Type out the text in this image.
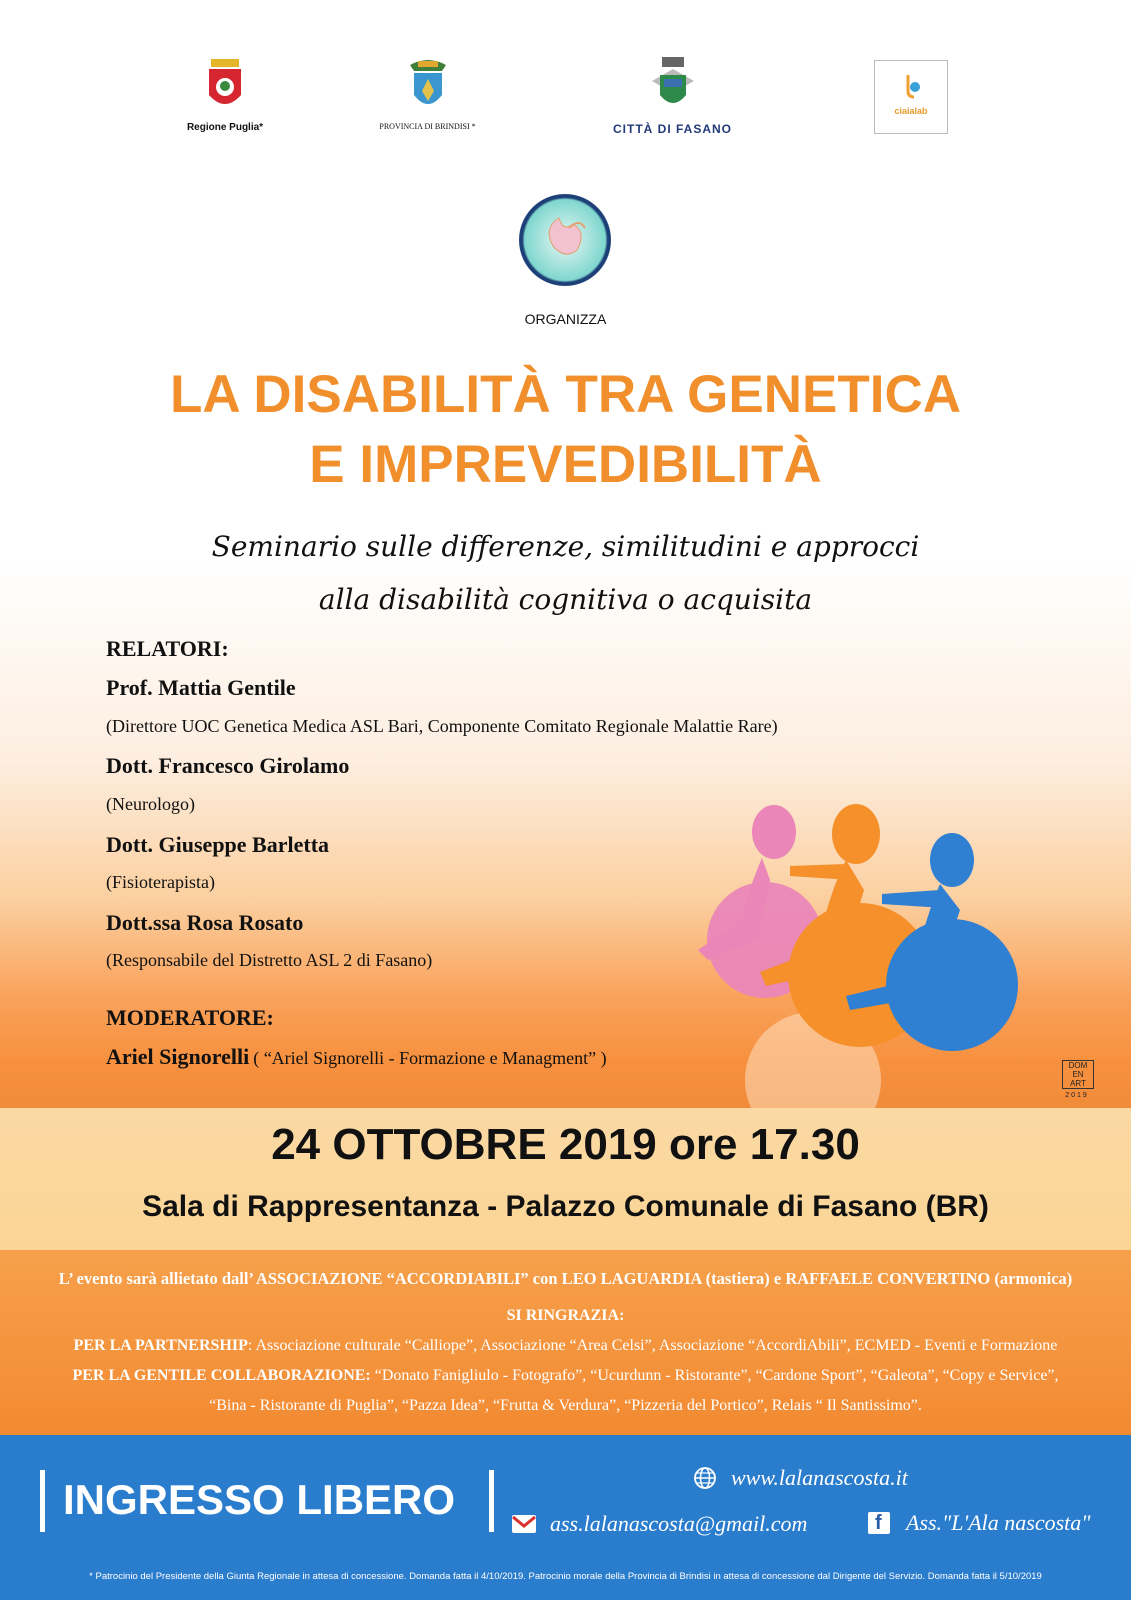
Regione Puglia*	PROVINCIA DI BRINDISI *	CITTÀ DI FASANO
ciaialab
ORGANIZZA
LA DISABILITÀ TRA GENETICA
E IMPREVEDIBILITÀ
Seminario sulle differenze, similitudini e approcci
alla disabilità cognitiva o acquisita
RELATORI:
Prof. Mattia Gentile
(Direttore UOC Genetica Medica ASL Bari, Componente Comitato Regionale Malattie Rare)
Dott. Francesco Girolamo
(Neurologo)
Dott. Giuseppe Barletta
(Fisioterapista)
Dott.ssa Rosa Rosato
(Responsabile del Distretto ASL 2 di Fasano)
MODERATORE:
Ariel Signorelli ( “Ariel Signorelli - Formazione e Managment” )	DOM
EN
ART
2019
24 OTTOBRE 2019 ore 17.30
Sala di Rappresentanza - Palazzo Comunale di Fasano (BR)
L’ evento sarà allietato dall’ ASSOCIAZIONE “ACCORDIABILI” con LEO LAGUARDIA (tastiera) e RAFFAELE CONVERTINO (armonica)
SI RINGRAZIA:
PER LA PARTNERSHIP: Associazione culturale “Calliope”, Associazione “Area Celsi”, Associazione “AccordiAbili”, ECMED - Eventi e Formazione
PER LA GENTILE COLLABORAZIONE: “Donato Fanigliulo - Fotografo”, “Ucurdunn - Ristorante”, “Cardone Sport”, “Galeota”, “Copy e Service”,
“Bina - Ristorante di Puglia”, “Pazza Idea”, “Frutta & Verdura”, “Pizzeria del Portico”, Relais “ Il Santissimo”.
INGRESSO LIBERO	www.lalanascosta.it
ass.lalanascosta@gmail.com	f Ass."L'Ala nascosta"
* Patrocinio del Presidente della Giunta Regionale in attesa di concessione. Domanda fatta il 4/10/2019. Patrocinio morale della Provincia di Brindisi in attesa di concessione dal Dirigente del Servizio. Domanda fatta il 5/10/2019
